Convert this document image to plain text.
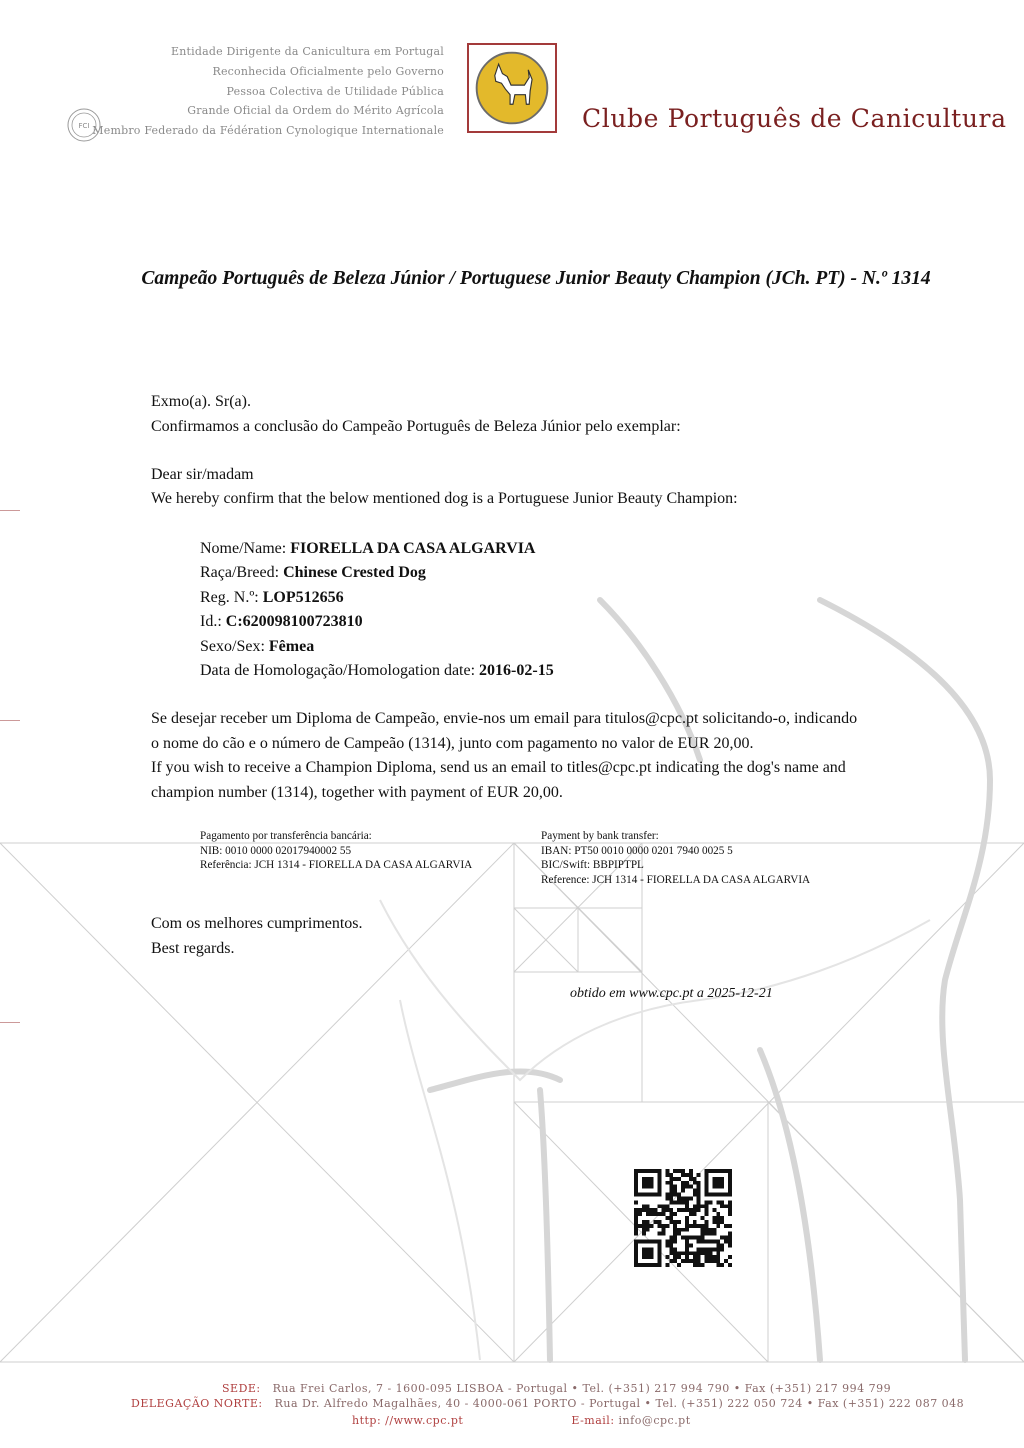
Entidade Dirigente da Canicultura em Portugal
Reconhecida Oficialmente pelo Governo
Pessoa Colectiva de Utilidade Pública
Grande Oficial da Ordem do Mérito Agrícola
Membro Federado da Fédération Cynologique Internationale
FCI	Clube Português de Canicultura
Campeão Português de Beleza Júnior / Portuguese Junior Beauty Champion (JCh. PT) - N.º 1314
Exmo(a). Sr(a).
Confirmamos a conclusão do Campeão Português de Beleza Júnior pelo exemplar:
Dear sir/madam
We hereby confirm that the below mentioned dog is a Portuguese Junior Beauty Champion:
Nome/Name: FIORELLA DA CASA ALGARVIA
Raça/Breed: Chinese Crested Dog
Reg. N.º: LOP512656
Id.: C:620098100723810
Sexo/Sex: Fêmea
Data de Homologação/Homologation date: 2016-02-15
Se desejar receber um Diploma de Campeão, envie-nos um email para titulos@cpc.pt solicitando-o, indicando
o nome do cão e o número de Campeão (1314), junto com pagamento no valor de EUR 20,00.
If you wish to receive a Champion Diploma, send us an email to titles@cpc.pt indicating the dog's name and
champion number (1314), together with payment of EUR 20,00.
Pagamento por transferência bancária:
NIB: 0010 0000 02017940002 55
Referência: JCH 1314 - FIORELLA DA CASA ALGARVIA
Payment by bank transfer:
IBAN: PT50 0010 0000 0201 7940 0025 5
BIC/Swift: BBPIPTPL
Reference: JCH 1314 - FIORELLA DA CASA ALGARVIA
Com os melhores cumprimentos.
Best regards.
obtido em www.cpc.pt a 2025-12-21
SEDE: Rua Frei Carlos, 7 - 1600-095 LISBOA - Portugal • Tel. (+351) 217 994 790 • Fax (+351) 217 994 799
DELEGAÇÃO NORTE: Rua Dr. Alfredo Magalhães, 40 - 4000-061 PORTO - Portugal • Tel. (+351) 222 050 724 • Fax (+351) 222 087 048
http: //www.cpc.pt	E-mail: info@cpc.pt
